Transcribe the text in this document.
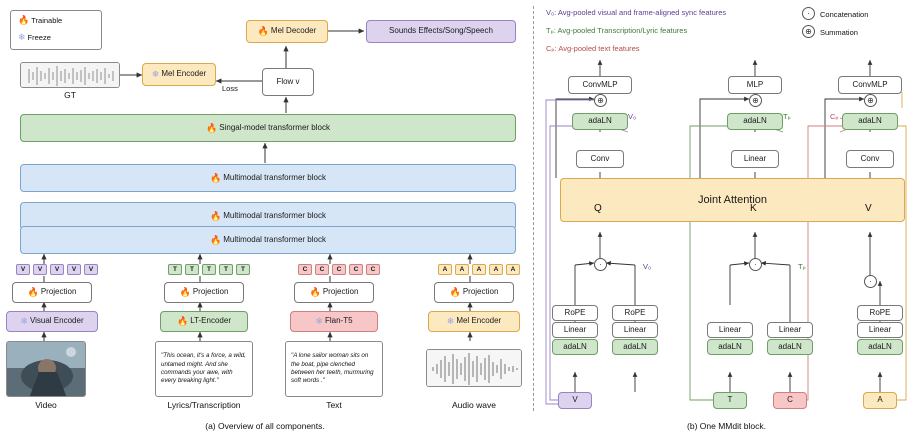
🔥 Trainable
❄ Freeze
🔥 Mel Decoder	Sounds Effects/Song/Speech
GT
❄ Mel Encoder
Flow v
Loss
🔥 Singal-model transformer block
🔥 Multimodal transformer block
🔥 Multimodal transformer block
🔥 Multimodal transformer block
V	V	V	V	V	T	T	T	T	T	C	C	C	C	C	A	A	A	A	A
🔥 Projection	🔥 Projection	🔥 Projection	🔥 Projection
❄ Visual Encoder	🔥 LT-Encoder	❄ Flan-T5	❄ Mel Encoder
Video
"This ocean, it's a force, a wild, untamed might. And she commands your awe, with every breaking light."
Lyrics/Transcription
"A lone sailor woman sits on the boat, pipe clenched between her teeth, murmuring soft words ."
Text	Audio wave
(a) Overview of all components.
V₀: Avg-pooled visual and frame-aligned sync features
Tₚ: Avg-pooled Transcription/Lyric features
Cₚ: Avg-pooled text features
·	Concatenation
⊕	Summation
ConvMLP	MLP	ConvMLP
⊕	⊕	⊕
adaLN	adaLN	adaLN
Conv	Linear	Conv
Joint Attention
Q	K	V
·	·
·
RoPE
Linear
adaLN
RoPE
Linear
adaLN
Linear
adaLN
Linear
adaLN
RoPE
Linear
adaLN
V	T	C	A
V₀	Tₚ	Cₚ
V₀	Tₚ
(b) One MMdit block.
